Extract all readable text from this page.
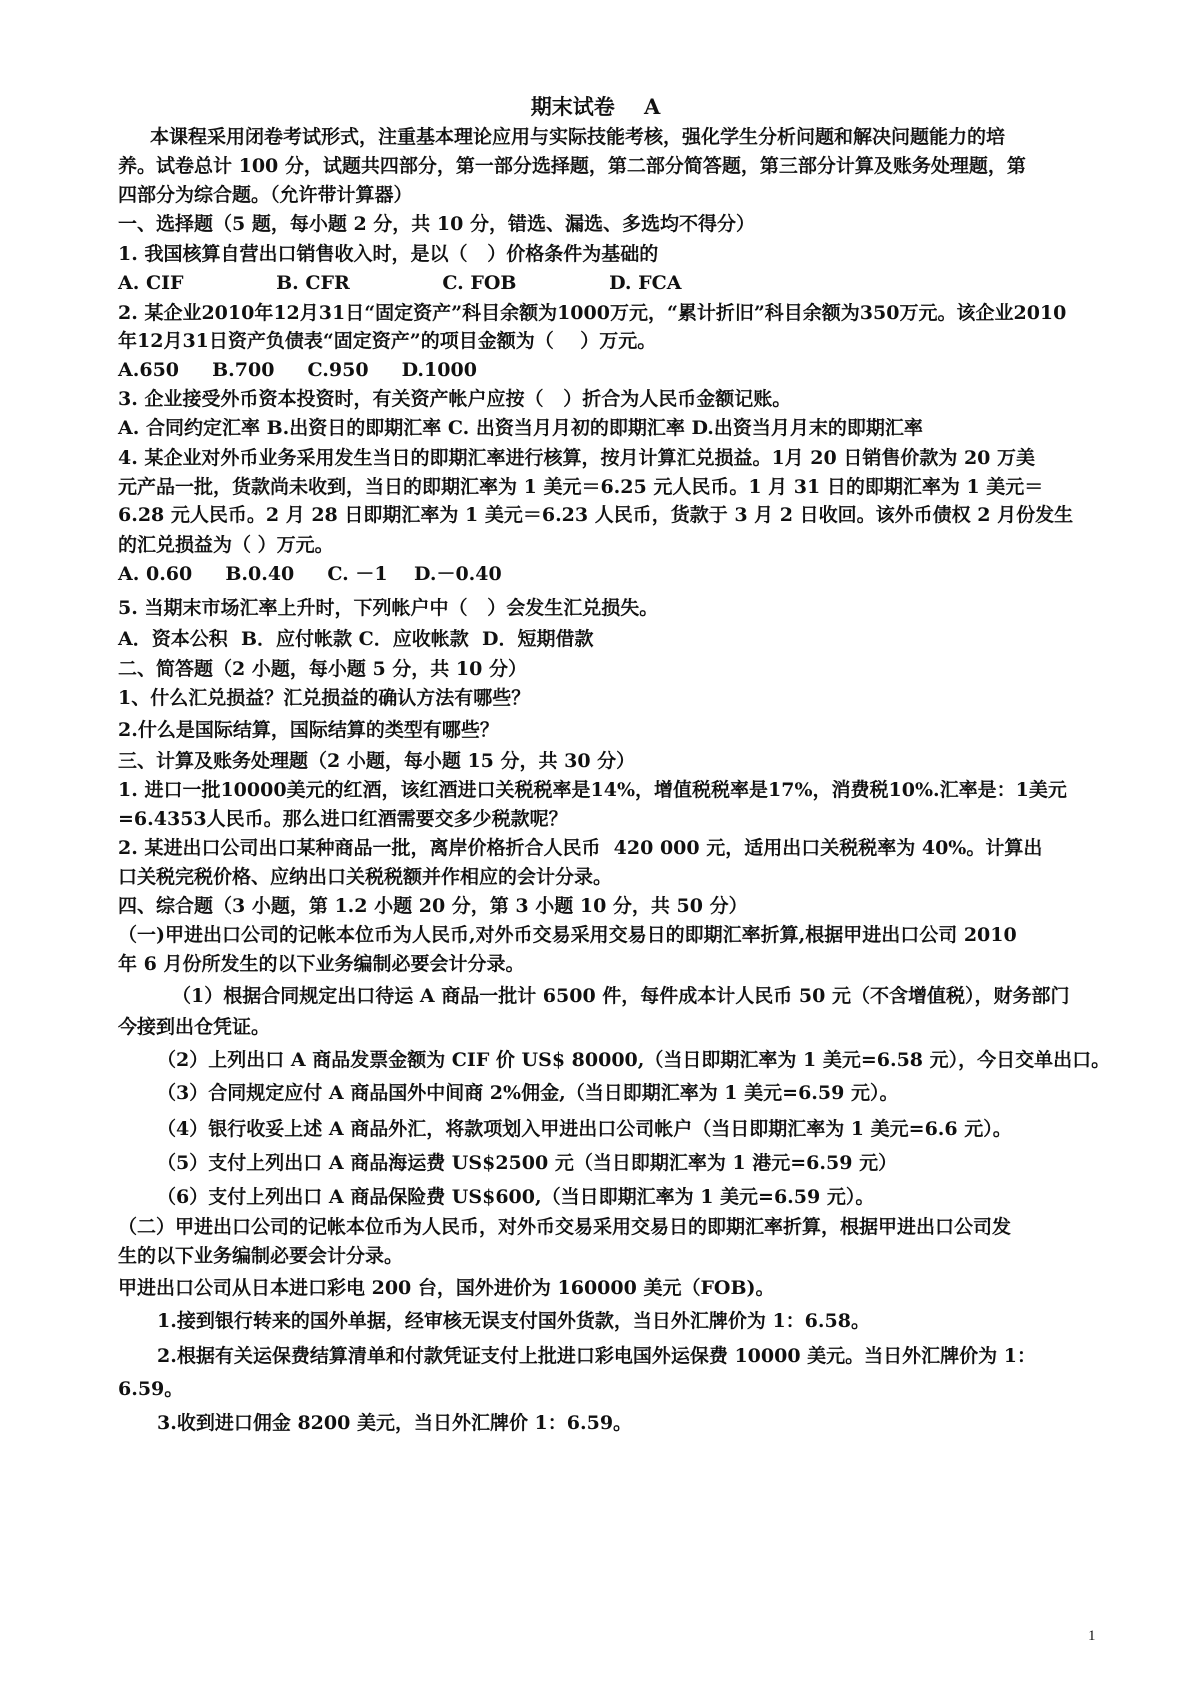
期末试卷    A
本课程采用闭卷考试形式，注重基本理论应用与实际技能考核，强化学生分析问题和解决问题能力的培
养。试卷总计 100 分，试题共四部分，第一部分选择题，第二部分简答题，第三部分计算及账务处理题，第
四部分为综合题。（允许带计算器）
一、选择题（5 题，每小题 2 分，共 10 分，错选、漏选、多选均不得分）
1. 我国核算自营出口销售收入时，是以（   ）价格条件为基础的
A. CIF              B. CFR              C. FOB              D. FCA
2. 某企业2010年12月31日“固定资产”科目余额为1000万元，“累计折旧”科目余额为350万元。该企业2010
年12月31日资产负债表“固定资产”的项目金额为（    ）万元。
A.650     B.700     C.950     D.1000
3. 企业接受外币资本投资时，有关资产帐户应按（   ）折合为人民币金额记账。
A. 合同约定汇率 B.出资日的即期汇率 C. 出资当月月初的即期汇率 D.出资当月月末的即期汇率
4. 某企业对外币业务采用发生当日的即期汇率进行核算，按月计算汇兑损益。1月 20 日销售价款为 20 万美
元产品一批，货款尚未收到，当日的即期汇率为 1 美元＝6.25 元人民币。1 月 31 日的即期汇率为 1 美元＝
6.28 元人民币。2 月 28 日即期汇率为 1 美元＝6.23 人民币，货款于 3 月 2 日收回。该外币债权 2 月份发生
的汇兑损益为（ ）万元。
A. 0.60     B.0.40     C. －1    D.－0.40
5. 当期末市场汇率上升时，下列帐户中（   ）会发生汇兑损失。
A．资本公积  B．应付帐款 C．应收帐款  D．短期借款
二、简答题（2 小题，每小题 5 分，共 10 分）
1、什么汇兑损益？汇兑损益的确认方法有哪些？
2.什么是国际结算，国际结算的类型有哪些？
三、计算及账务处理题（2 小题，每小题 15 分，共 30 分）
1. 进口一批10000美元的红酒，该红酒进口关税税率是14%，增值税税率是17%，消费税10%.汇率是：1美元
=6.4353人民币。那么进口红酒需要交多少税款呢？
2. 某进出口公司出口某种商品一批，离岸价格折合人民币  420 000 元，适用出口关税税率为 40%。计算出
口关税完税价格、应纳出口关税税额并作相应的会计分录。
四、综合题（3 小题，第 1.2 小题 20 分，第 3 小题 10 分，共 50 分）
（一)甲进出口公司的记帐本位币为人民币,对外币交易采用交易日的即期汇率折算,根据甲进出口公司 2010
年 6 月份所发生的以下业务编制必要会计分录。
（1）根据合同规定出口待运 A 商品一批计 6500 件，每件成本计人民币 50 元（不含增值税），财务部门
今接到出仓凭证。
（2）上列出口 A 商品发票金额为 CIF 价 US$ 80000,（当日即期汇率为 1 美元=6.58 元），今日交单出口。
（3）合同规定应付 A 商品国外中间商 2%佣金,（当日即期汇率为 1 美元=6.59 元）。
（4）银行收妥上述 A 商品外汇，将款项划入甲进出口公司帐户（当日即期汇率为 1 美元=6.6 元）。
（5）支付上列出口 A 商品海运费 US$2500 元（当日即期汇率为 1 港元=6.59 元）
（6）支付上列出口 A 商品保险费 US$600,（当日即期汇率为 1 美元=6.59 元）。
（二）甲进出口公司的记帐本位币为人民币，对外币交易采用交易日的即期汇率折算，根据甲进出口公司发
生的以下业务编制必要会计分录。
甲进出口公司从日本进口彩电 200 台，国外进价为 160000 美元（FOB)。
1.接到银行转来的国外单据，经审核无误支付国外货款，当日外汇牌价为 1：6.58。
2.根据有关运保费结算清单和付款凭证支付上批进口彩电国外运保费 10000 美元。当日外汇牌价为 1：
6.59。
3.收到进口佣金 8200 美元，当日外汇牌价 1：6.59。
1
